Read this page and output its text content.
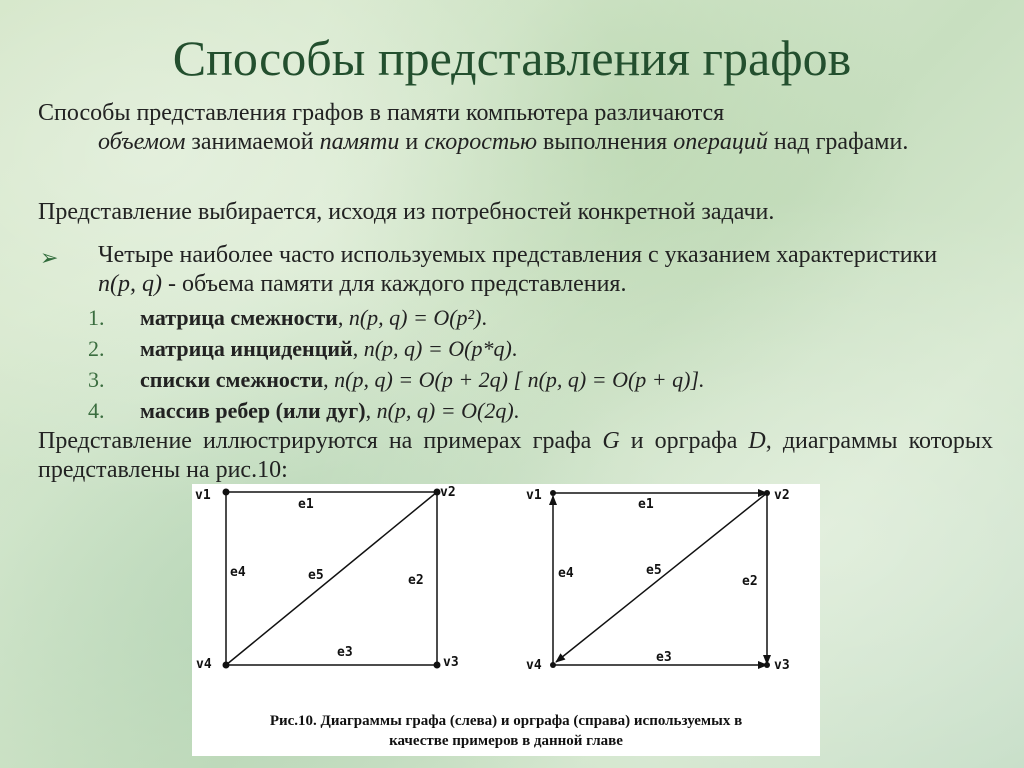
Способы представления графов
Способы представления графов в памяти компьютера различаются
объемом занимаемой памяти и скоростью выполнения операций над графами.
Представление выбирается, исходя из потребностей конкретной задачи.
➢ Четыре наиболее часто используемых представления с указанием характеристики n(p, q) - объема памяти для каждого представления.
1. матрица смежности, n(p, q) = O(p²).
2. матрица инциденций, n(p, q) = O(p*q).
3. списки смежности, n(p, q) = O(p + 2q) [ n(p, q) = O(p + q)].
4. массив ребер (или дуг), n(p, q) = O(2q).
Представление иллюстрируются на примерах графа G и орграфа D, диаграммы которых представлены на рис.10:
v1	v2
v3
v4
e1
e2
e3
e4	e5
v1	v2
v3
v4
e1
e2
e3
e4	e5
Рис.10. Диаграммы графа (слева) и орграфа (справа) используемых в
качестве примеров в данной главе
